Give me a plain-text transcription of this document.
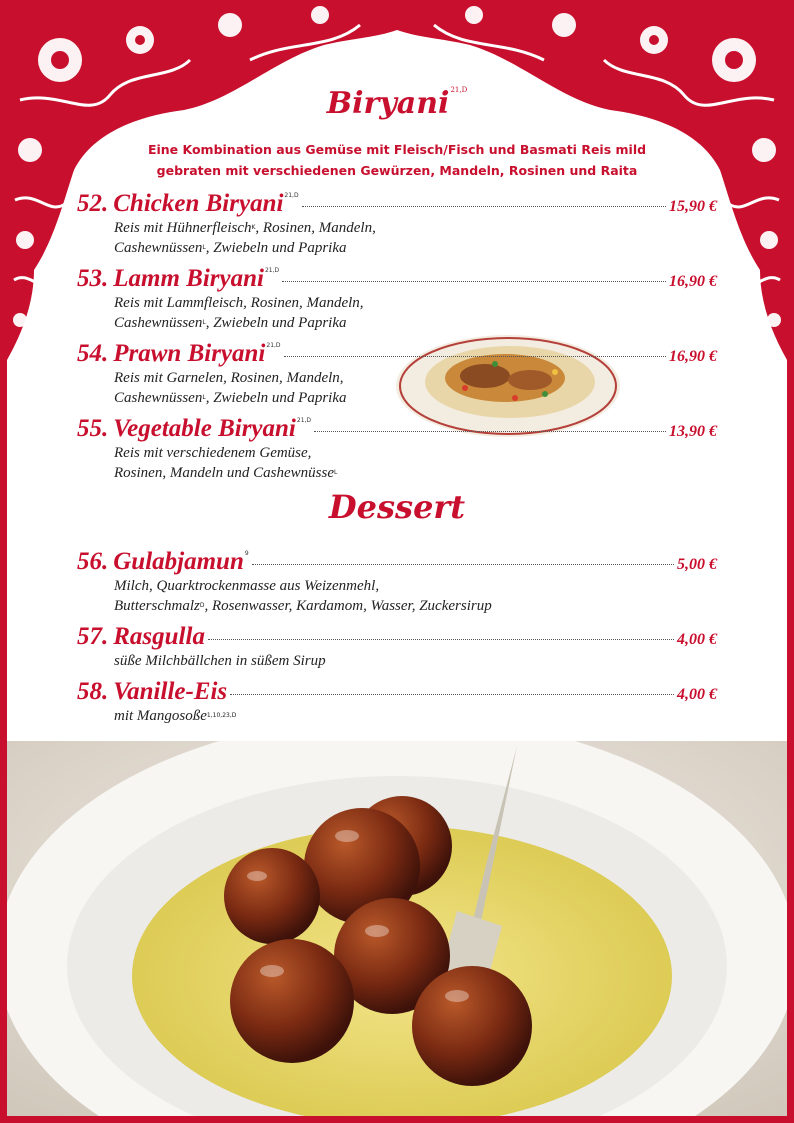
Biryani$^{21,D}$
Eine Kombination aus Gemüse mit Fleisch/Fisch und Basmati Reis mild
gebraten mit verschiedenen Gewürzen, Mandeln, Rosinen und Raita
52. Chicken Biryani 21,D
15,90 €
Reis mit Hühnerfleisch$^K$, Rosinen, Mandeln,
Cashewnüssen$^L$, Zwiebeln und Paprika
53. Lamm Biryani 21,D
16,90 €
Reis mit Lammfleisch, Rosinen, Mandeln,
Cashewnüssen$^L$, Zwiebeln und Paprika
54. Prawn Biryani 21,D
16,90 €
Reis mit Garnelen, Rosinen, Mandeln,
Cashewnüssen$^L$, Zwiebeln und Paprika
55. Vegetable Biryani 21,D
13,90 €
Reis mit verschiedenem Gemüse,
Rosinen, Mandeln und Cashewnüsse$^L$
Dessert
56. Gulabjamun 9
5,00 €
Milch, Quarktrockenmasse aus Weizenmehl,
Butterschmalz$^D$, Rosenwasser, Kardamom, Wasser, Zuckersirup
57. Rasgulla	4,00 €
süße Milchbällchen in süßem Sirup
58. Vanille-Eis	4,00 €
mit Mangosoße$^{1,10,23,D}$
